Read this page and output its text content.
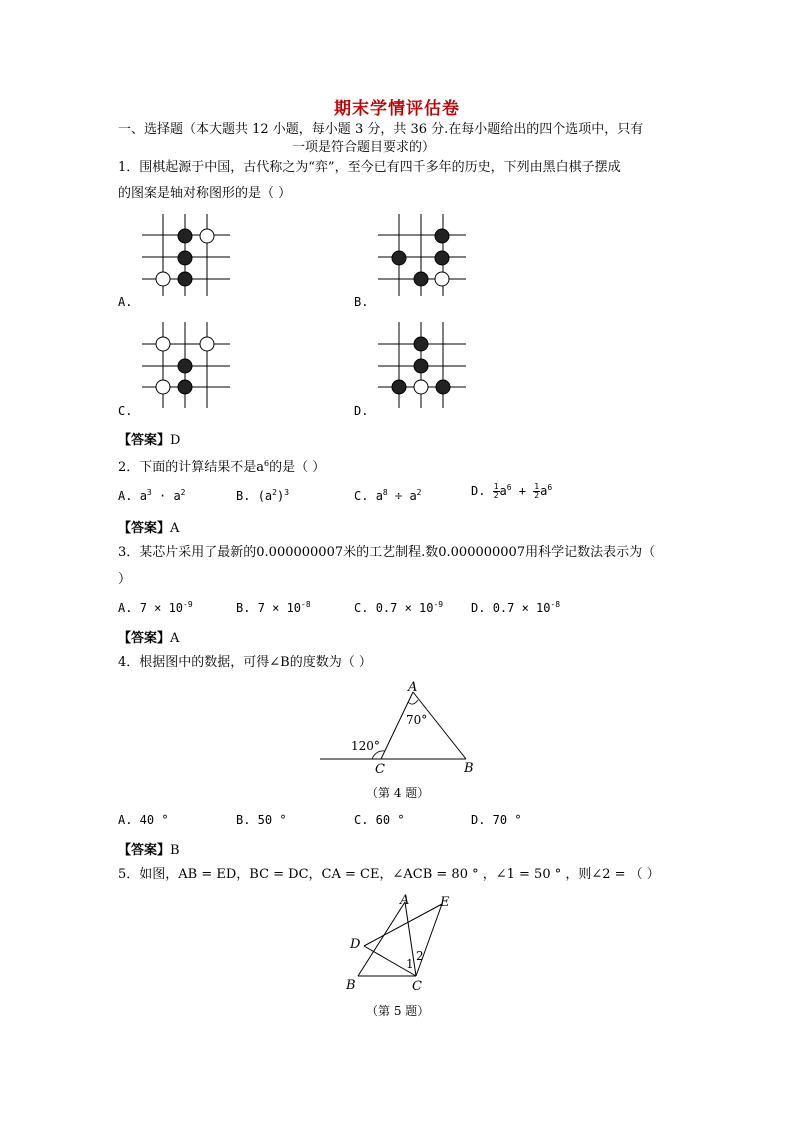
期末学情评估卷
一、选择题（本大题共 12 小题，每小题 3 分，共 36 分.在每小题给出的四个选项中，只有
一项是符合题目要求的）
1．围棋起源于中国，古代称之为“弈”，至今已有四千多年的历史，下列由黑白棋子摆成
的图案是轴对称图形的是（ ）
A.	B.
C.	D.
【答案】D
2．下面的计算结果不是$a^6$的是（ ）
A. $a^3 \cdot a^2$	B. $(a^2)^3$	C. $a^8 \div a^2$	D. $\frac{1}{2} a^6 + \frac{1}{2} a^6$
【答案】A
3．某芯片采用了最新的0.000000007米的工艺制程.数0.000000007用科学记数法表示为（
）
A. $7 \times 10^{-9}$	B. $7 \times 10^{-8}$	C. $0.7 \times 10^{-9}$ D. $0.7 \times 10^{-8}$
【答案】A
4．根据图中的数据，可得∠B的度数为（ ）
A
70°
120°
C	B
（第 4 题）
A. 40 °	B. 50 °	C. 60 °	D. 70 °
【答案】B
5．如图，AB = ED，BC = DC，CA = CE，∠ACB = 80 ° ，∠1 = 50 ° ，则∠2 = （ ）
A E
D
1
2
B	C
（第 5 题）
